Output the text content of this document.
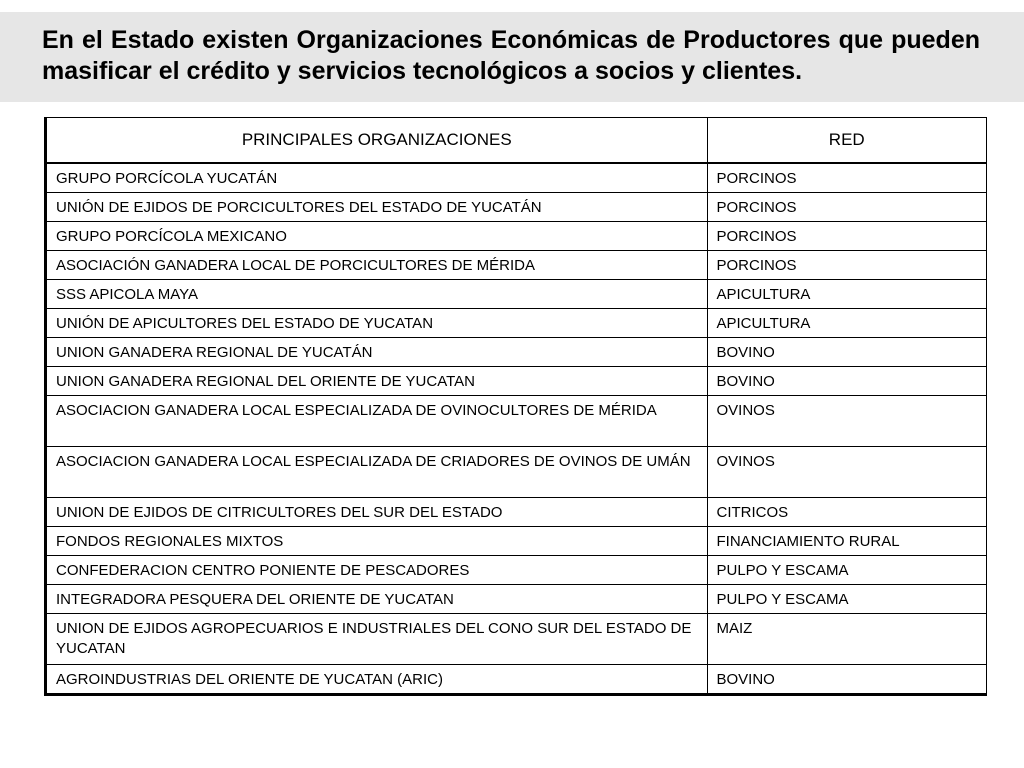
En el Estado existen Organizaciones Económicas de Productores que pueden masificar el crédito y servicios tecnológicos a socios y clientes.

PRINCIPALES ORGANIZACIONES	RED
GRUPO PORCÍCOLA YUCATÁN	PORCINOS
UNIÓN DE EJIDOS DE PORCICULTORES DEL ESTADO DE YUCATÁN	PORCINOS
GRUPO PORCÍCOLA MEXICANO	PORCINOS
ASOCIACIÓN GANADERA LOCAL DE PORCICULTORES DE MÉRIDA	PORCINOS
SSS APICOLA MAYA	APICULTURA
UNIÓN DE APICULTORES DEL ESTADO DE YUCATAN	APICULTURA
UNION GANADERA REGIONAL DE YUCATÁN	BOVINO
UNION GANADERA REGIONAL DEL ORIENTE DE YUCATAN	BOVINO
ASOCIACION GANADERA LOCAL ESPECIALIZADA DE OVINOCULTORES DE MÉRIDA	OVINOS
ASOCIACION GANADERA LOCAL ESPECIALIZADA DE CRIADORES DE OVINOS DE UMÁN	OVINOS
UNION DE EJIDOS DE CITRICULTORES DEL SUR DEL ESTADO	CITRICOS
FONDOS REGIONALES MIXTOS	FINANCIAMIENTO RURAL
CONFEDERACION CENTRO PONIENTE DE PESCADORES	PULPO Y ESCAMA
INTEGRADORA PESQUERA DEL ORIENTE DE YUCATAN	PULPO Y ESCAMA
UNION DE EJIDOS AGROPECUARIOS E INDUSTRIALES DEL CONO SUR DEL ESTADO DE YUCATAN	MAIZ
AGROINDUSTRIAS DEL ORIENTE DE YUCATAN (ARIC)	BOVINO
